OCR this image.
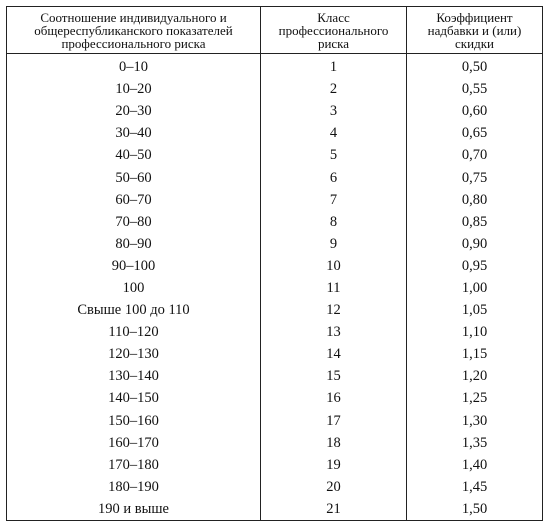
Соотношение индивидуального и общереспубликанского показателей профессионального риска	Класс профессионального риска	Коэффициент надбавки и (или) скидки
0–10	1	0,50
10–20	2	0,55
20–30	3	0,60
30–40	4	0,65
40–50	5	0,70
50–60	6	0,75
60–70	7	0,80
70–80	8	0,85
80–90	9	0,90
90–100	10	0,95
100	11	1,00
Свыше 100 до 110	12	1,05
110–120	13	1,10
120–130	14	1,15
130–140	15	1,20
140–150	16	1,25
150–160	17	1,30
160–170	18	1,35
170–180	19	1,40
180–190	20	1,45
190 и выше	21	1,50
